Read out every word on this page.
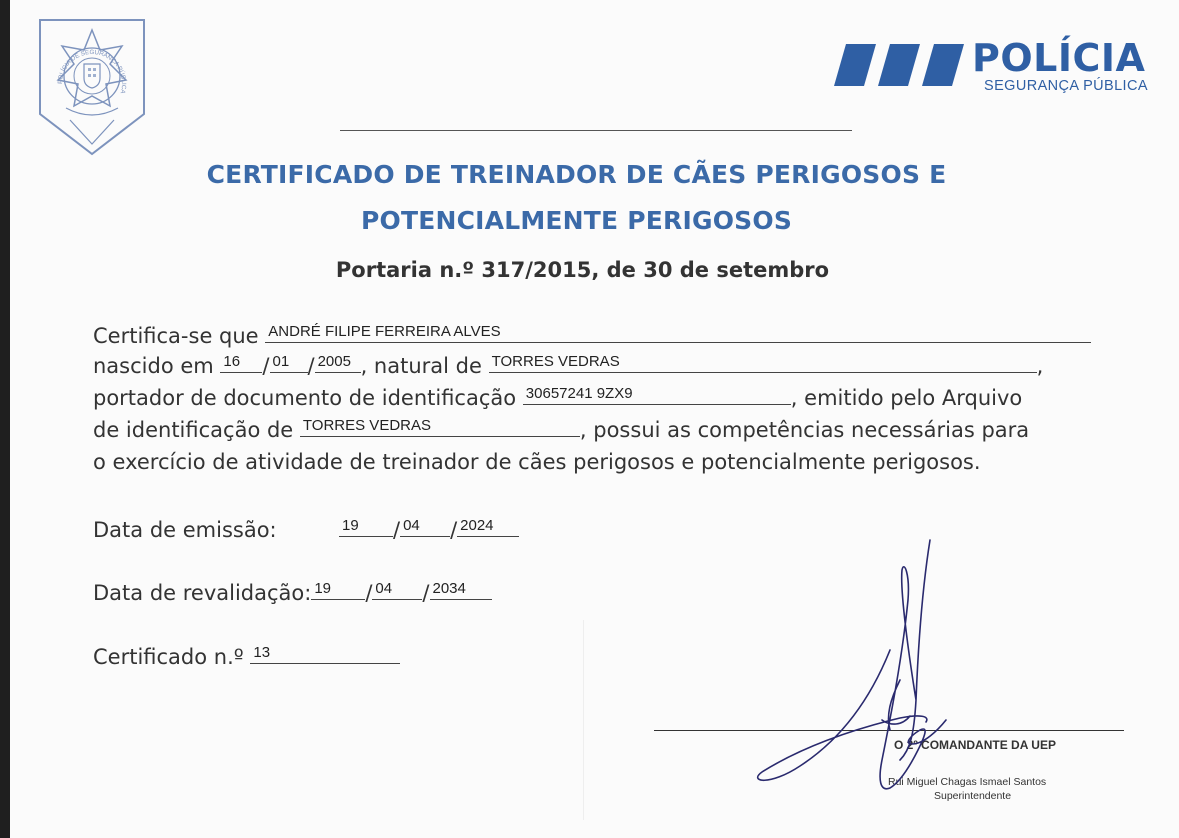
POLÍCIA DE SEGURANÇA PÚBLICA
POLÍCIA
SEGURANÇA PÚBLICA
CERTIFICADO DE TREINADOR DE CÃES PERIGOSOS E
POTENCIALMENTE PERIGOSOS
Portaria n.º 317/2015, de 30 de setembro
Certifica-se que ANDRÉ FILIPE FERREIRA ALVES
nascido em 16 / 01 / 2005 , natural de TORRES VEDRAS	,
portador de documento de identificação 30657241 9ZX9	, emitido pelo Arquivo
de identificação de TORRES VEDRAS	, possui as competências necessárias para
o exercício de atividade de treinador de cães perigosos e potencialmente perigosos.
Data de emissão:	19 / 04 / 2024
Data de revalidação: 19 / 04 / 2034
Certificado n.º 13
O 2º COMANDANTE DA UEP
Rui Miguel Chagas Ismael Santos
Superintendente
